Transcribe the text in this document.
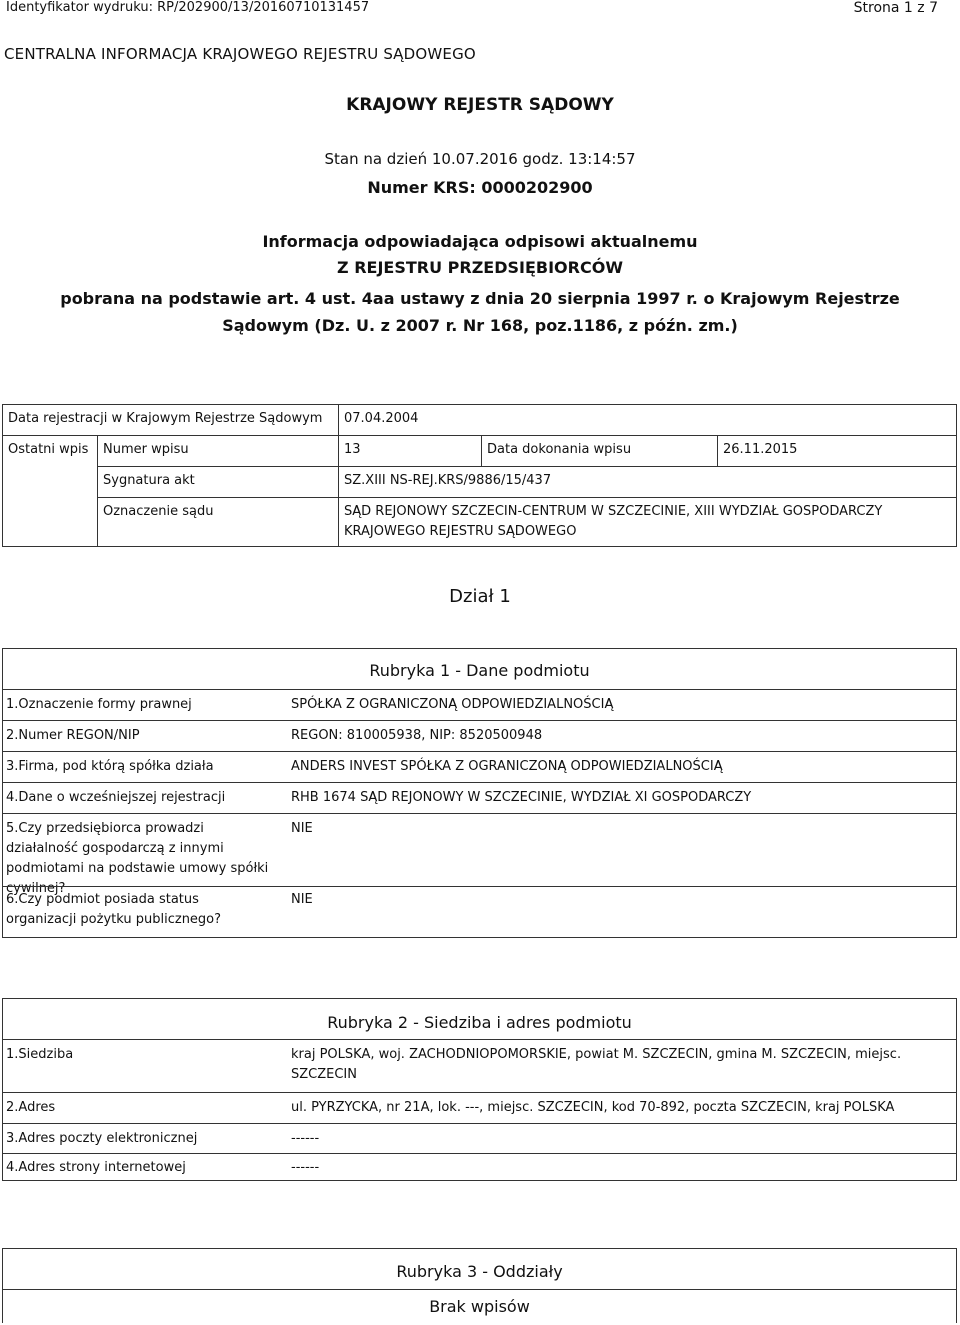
Identyfikator wydruku: RP/202900/13/20160710131457	Strona 1 z 7
CENTRALNA INFORMACJA KRAJOWEGO REJESTRU SĄDOWEGO
KRAJOWY REJESTR SĄDOWY
Stan na dzień 10.07.2016 godz. 13:14:57
Numer KRS: 0000202900
Informacja odpowiadająca odpisowi aktualnemu
Z REJESTRU PRZEDSIĘBIORCÓW
pobrana na podstawie art. 4 ust. 4aa ustawy z dnia 20 sierpnia 1997 r. o Krajowym Rejestrze Sądowym (Dz. U. z 2007 r. Nr 168, poz.1186, z późn. zm.)
Data rejestracji w Krajowym Rejestrze Sądowym		07.04.2004		
Ostatni wpis	Numer wpisu	13	Data dokonania wpisu	26.11.2015
	Sygnatura akt	SZ.XIII NS-REJ.KRS/9886/15/437		
	Oznaczenie sądu	SĄD REJONOWY SZCZECIN-CENTRUM W SZCZECINIE, XIII WYDZIAŁ GOSPODARCZY KRAJOWEGO REJESTRU SĄDOWEGO		
Dział 1
Rubryka 1 - Dane podmiotu
1.Oznaczenie formy prawnej	SPÓŁKA Z OGRANICZONĄ ODPOWIEDZIALNOŚCIĄ
2.Numer REGON/NIP	REGON: 810005938, NIP: 8520500948
3.Firma, pod którą spółka działa	ANDERS INVEST SPÓŁKA Z OGRANICZONĄ ODPOWIEDZIALNOŚCIĄ
4.Dane o wcześniejszej rejestracji	RHB 1674 SĄD REJONOWY W SZCZECINIE, WYDZIAŁ XI GOSPODARCZY
5.Czy przedsiębiorca prowadzi działalność gospodarczą z innymi podmiotami na podstawie umowy spółki cywilnej?
NIE
6.Czy podmiot posiada status organizacji pożytku publicznego?
NIE
Rubryka 2 - Siedziba i adres podmiotu
1.Siedziba	kraj POLSKA, woj. ZACHODNIOPOMORSKIE, powiat M. SZCZECIN, gmina M. SZCZECIN, miejsc. SZCZECIN
2.Adres	ul. PYRZYCKA, nr 21A, lok. ---, miejsc. SZCZECIN, kod 70-892, poczta SZCZECIN, kraj POLSKA
3.Adres poczty elektronicznej	------
4.Adres strony internetowej	------
Rubryka 3 - Oddziały
Brak wpisów
